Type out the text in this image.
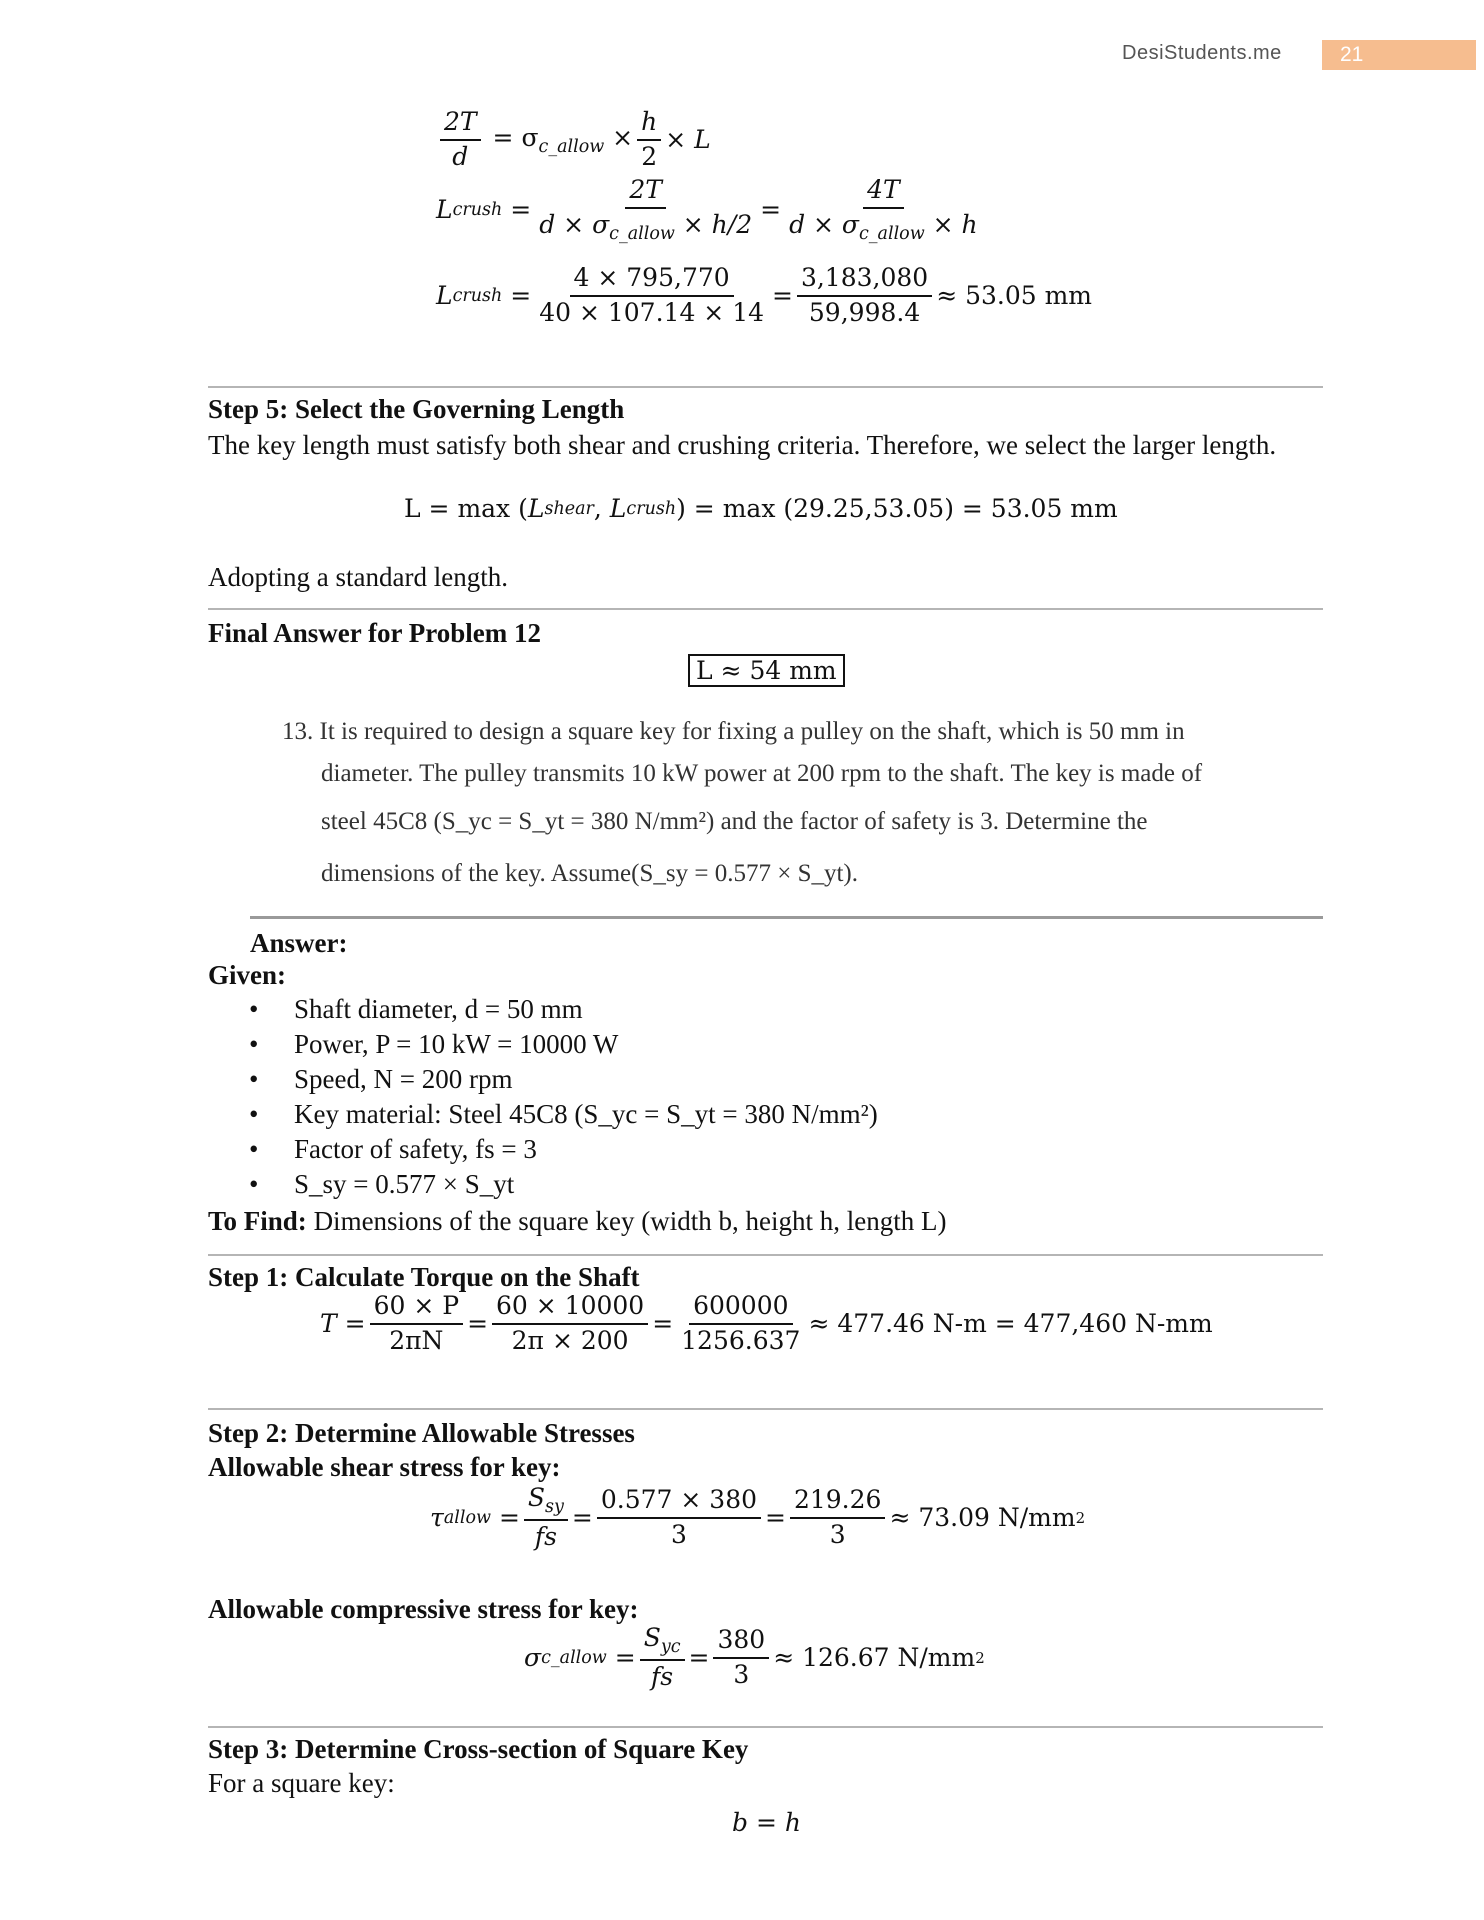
DesiStudents.me	21
$\frac{2T}{d} = \sigma_{c\_allow} \times \frac{h}{2} \times L$
L crush = $\frac{2T}{d \times \sigma_{c\_allow} \times h/2} = \frac{4T}{d \times \sigma_{c\_allow} \times h}$
L crush = $\frac{4 \times 795,770}{40 \times 107.14 \times 14} = \frac{3,183,080}{59,998.4} \approx 53.05$ mm
Step 5: Select the Governing Length
The key length must satisfy both shear and crushing criteria. Therefore, we select the larger length.
L = max ( L shear , L crush ) = max (29.25,53.05) = 53.05 mm
Adopting a standard length.
Final Answer for Problem 12
L ≈ 54 mm
13. It is required to design a square key for fixing a pulley on the shaft, which is 50 mm in
diameter. The pulley transmits 10 kW power at 200 rpm to the shaft. The key is made of
steel 45C8 (S_yc = S_yt = 380 N/mm²) and the factor of safety is 3. Determine the
dimensions of the key. Assume(S_sy = 0.577 × S_yt).
Answer:
Given:
• Shaft diameter, d = 50 mm
• Power, P = 10 kW = 10000 W
• Speed, N = 200 rpm
• Key material: Steel 45C8 (S_yc = S_yt = 380 N/mm²)
• Factor of safety, fs = 3
• S_sy = 0.577 × S_yt
To Find: Dimensions of the square key (width b, height h, length L)
Step 1: Calculate Torque on the Shaft
$T = \frac{60 \times P}{2\pi N} = \frac{60 \times 10000}{2\pi \times 200} = \frac{600000}{1256.637} \approx 477.46$ N-m = 477,460 N-mm
Step 2: Determine Allowable Stresses
Allowable shear stress for key:
τ allow = $\frac{S_{sy}}{fs} = \frac{0.577 \times 380}{3} = \frac{219.26}{3} \approx 73.09$ N/mm 2
Allowable compressive stress for key:
σ c_allow = $\frac{S_{yc}}{fs} = \frac{380}{3} \approx 126.67$ N/mm 2
Step 3: Determine Cross-section of Square Key
For a square key:
b = h
